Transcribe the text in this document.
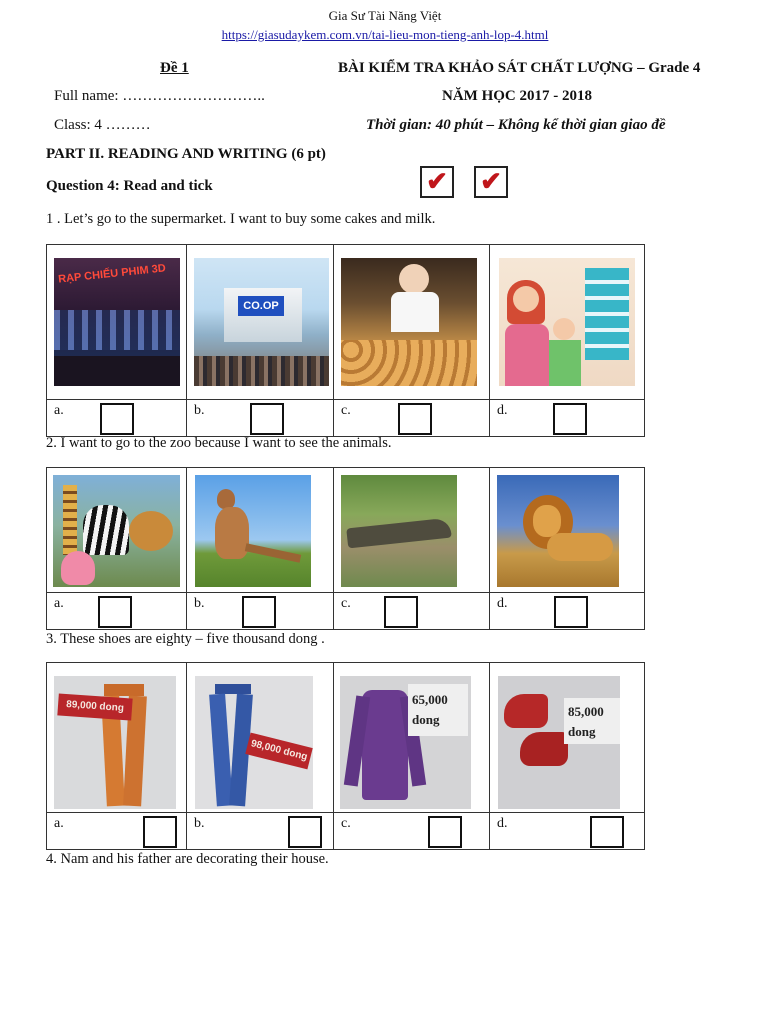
Gia Sư Tài Năng Việt
https://giasudaykem.com.vn/tai-lieu-mon-tieng-anh-lop-4.html
Đề 1	BÀI KIỂM TRA KHẢO SÁT CHẤT LƯỢNG – Grade 4
Full name: ………………………..	NĂM HỌC 2017 - 2018
Class: 4 ………	Thời gian: 40 phút – Không kể thời gian giao đề
PART II. READING AND WRITING (6 pt)
Question 4: Read and tick	✔ ✔
1 . Let’s go to the supermarket. I want to buy some cakes and milk.
RẠP CHIẾU PHIM 3D	CO.OP		

a.	b.	c.	d.
2. I want to go to the zoo because I want to see the animals.

a.	b.	c.	d.
3. These shoes are eighty – five thousand dong .
89,000 dong	98,000 dong	65,000 dong	85,000 dong

a.	b.	c.	d.
4. Nam and his father are decorating their house.
